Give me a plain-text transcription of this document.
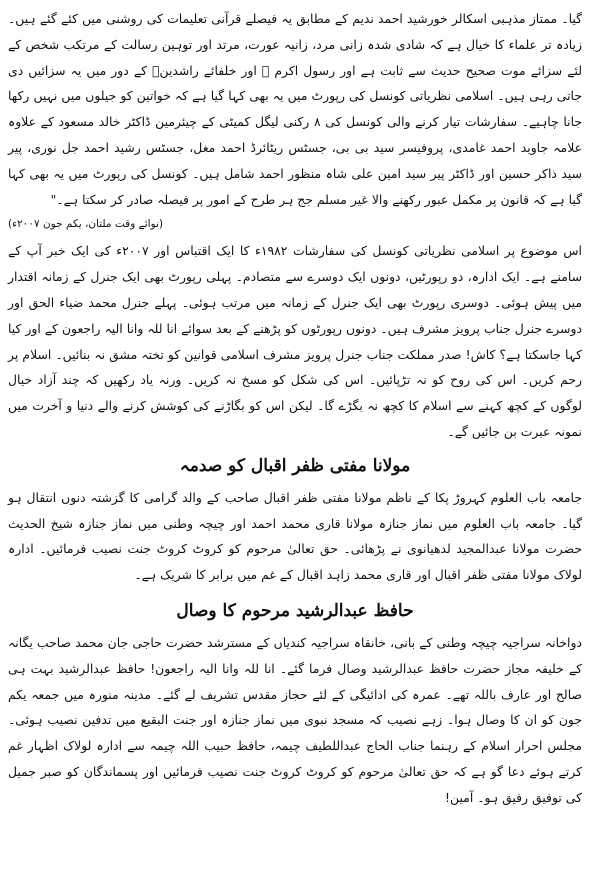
گیا۔ ممتاز مذہبی اسکالر خورشید احمد ندیم کے مطابق یہ فیصلے قرآنی تعلیمات کی روشنی میں کئے گئے ہیں۔ زیادہ تر علماء کا خیال ہے کہ شادی شدہ زانی مرد، زانیہ عورت، مرتد اور توہین رسالت کے مرتکب شخص کے لئے سزائے موت صحیح حدیث سے ثابت ہے اور رسول اکرم ﷺ اور خلفائے راشدینؓ کے دور میں یہ سزائیں دی جاتی رہی ہیں۔ اسلامی نظریاتی کونسل کی رپورٹ میں یہ بھی کہا گیا ہے کہ خواتین کو جیلوں میں نہیں رکھا جانا چاہیے۔ سفارشات تیار کرنے والی کونسل کی ۸ رکنی لیگل کمیٹی کے چیئرمین ڈاکٹر خالد مسعود کے علاوہ علامہ جاوید احمد غامدی، پروفیسر سید بی بی، جسٹس ریٹائرڈ احمد مغل، جسٹس رشید احمد جل نوری، پیر سید ذاکر حسین اور ڈاکٹر پیر سید امین علی شاہ منظور احمد شامل ہیں۔ کونسل کی رپورٹ میں یہ بھی کہا گیا ہے کہ قانون پر مکمل عبور رکھنے والا غیر مسلم جج ہر طرح کے امور پر فیصلہ صادر کر سکتا ہے۔"

(نوائے وقت ملتان، یکم جون ۲۰۰۷ء)

اس موضوع پر اسلامی نظریاتی کونسل کی سفارشات ۱۹۸۲ء کا ایک اقتباس اور ۲۰۰۷ء کی ایک خبر آپ کے سامنے ہے۔ ایک ادارہ، دو رپورٹیں، دونوں ایک دوسرے سے متصادم۔ پہلی رپورٹ بھی ایک جنرل کے زمانہ اقتدار میں پیش ہوئی۔ دوسری رپورٹ بھی ایک جنرل کے زمانہ میں مرتب ہوئی۔ پہلے جنرل محمد ضیاء الحق اور دوسرے جنرل جناب پرویز مشرف ہیں۔ دونوں رپورٹوں کو پڑھنے کے بعد سوائے انا للہ وانا الیہ راجعون کے اور کیا کہا جاسکتا ہے؟ کاش! صدر مملکت جناب جنرل پرویز مشرف اسلامی قوانین کو تختہ مشق نہ بنائیں۔ اسلام پر رحم کریں۔ اس کی روح کو نہ تڑپائیں۔ اس کی شکل کو مسخ نہ کریں۔ ورنہ یاد رکھیں کہ چند آزاد خیال لوگوں کے کچھ کہنے سے اسلام کا کچھ نہ بگڑے گا۔ لیکن اس کو بگاڑنے کی کوشش کرنے والے دنیا و آخرت میں نمونہ عبرت بن جائیں گے۔

مولانا مفتی ظفر اقبال کو صدمہ

جامعہ باب العلوم کہروڑ پکا کے ناظم مولانا مفتی ظفر اقبال صاحب کے والد گرامی کا گزشتہ دنوں انتقال ہو گیا۔ جامعہ باب العلوم میں نماز جنازہ مولانا قاری محمد احمد اور چیچہ وطنی میں نماز جنازہ شیخ الحدیث حضرت مولانا عبدالمجید لدھیانوی نے پڑھائی۔ حق تعالیٰ مرحوم کو کروٹ کروٹ جنت نصیب فرمائیں۔ ادارہ لولاک مولانا مفتی ظفر اقبال اور قاری محمد زاہد اقبال کے غم میں برابر کا شریک ہے۔

حافظ عبدالرشید مرحوم کا وصال

دواخانہ سراجیہ چیچہ وطنی کے بانی، خانقاہ سراجیہ کندیاں کے مسترشد حضرت حاجی جان محمد صاحب یگانہ کے خلیفہ مجاز حضرت حافظ عبدالرشید وصال فرما گئے۔ انا للہ وانا الیہ راجعون! حافظ عبدالرشید بہت ہی صالح اور عارف باللہ تھے۔ عمرہ کی ادائیگی کے لئے حجاز مقدس تشریف لے گئے۔ مدینہ منورہ میں جمعہ یکم جون کو ان کا وصال ہوا۔ زہے نصیب کہ مسجد نبوی میں نماز جنازہ اور جنت البقیع میں تدفین نصیب ہوئی۔ مجلس احرار اسلام کے رہنما جناب الحاج عبداللطیف چیمہ، حافظ حبیب اللہ چیمہ سے ادارہ لولاک اظہار غم کرتے ہوئے دعا گو ہے کہ حق تعالیٰ مرحوم کو کروٹ کروٹ جنت نصیب فرمائیں اور پسماندگان کو صبر جمیل کی توفیق رفیق ہو۔ آمین!
